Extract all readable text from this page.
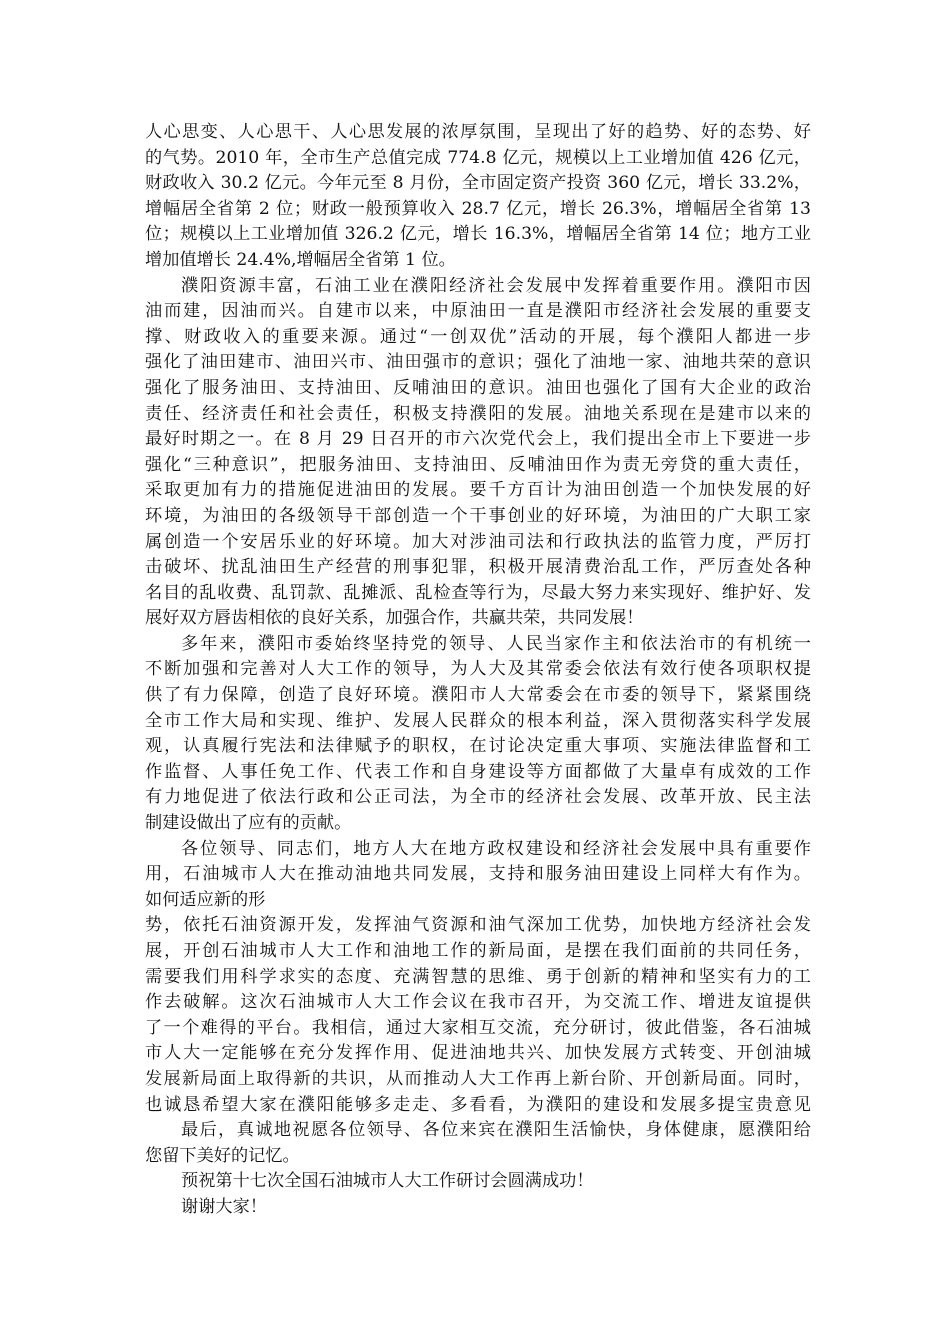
人心思变、人心思干、人心思发展的浓厚氛围，呈现出了好的趋势、好的态势、好
的气势。2010 年，全市生产总值完成 774.8 亿元，规模以上工业增加值 426 亿元，
财政收入 30.2 亿元。今年元至 8 月份，全市固定资产投资 360 亿元，增长 33.2%，
增幅居全省第 2 位；财政一般预算收入 28.7 亿元，增长 26.3%，增幅居全省第 13
位；规模以上工业增加值 326.2 亿元，增长 16.3%，增幅居全省第 14 位；地方工业
增加值增长 24.4%,增幅居全省第 1 位。
濮阳资源丰富，石油工业在濮阳经济社会发展中发挥着重要作用。濮阳市因
油而建，因油而兴。自建市以来，中原油田一直是濮阳市经济社会发展的重要支
撑、财政收入的重要来源。通过“一创双优”活动的开展，每个濮阳人都进一步
强化了油田建市、油田兴市、油田强市的意识；强化了油地一家、油地共荣的意识
强化了服务油田、支持油田、反哺油田的意识。油田也强化了国有大企业的政治
责任、经济责任和社会责任，积极支持濮阳的发展。油地关系现在是建市以来的
最好时期之一。在 8 月 29 日召开的市六次党代会上，我们提出全市上下要进一步
强化“三种意识”，把服务油田、支持油田、反哺油田作为责无旁贷的重大责任，
采取更加有力的措施促进油田的发展。要千方百计为油田创造一个加快发展的好
环境，为油田的各级领导干部创造一个干事创业的好环境，为油田的广大职工家
属创造一个安居乐业的好环境。加大对涉油司法和行政执法的监管力度，严厉打
击破坏、扰乱油田生产经营的刑事犯罪，积极开展清费治乱工作，严厉查处各种
名目的乱收费、乱罚款、乱摊派、乱检查等行为，尽最大努力来实现好、维护好、发
展好双方唇齿相依的良好关系，加强合作，共赢共荣，共同发展！
多年来，濮阳市委始终坚持党的领导、人民当家作主和依法治市的有机统一
不断加强和完善对人大工作的领导，为人大及其常委会依法有效行使各项职权提
供了有力保障，创造了良好环境。濮阳市人大常委会在市委的领导下，紧紧围绕
全市工作大局和实现、维护、发展人民群众的根本利益，深入贯彻落实科学发展
观，认真履行宪法和法律赋予的职权，在讨论决定重大事项、实施法律监督和工
作监督、人事任免工作、代表工作和自身建设等方面都做了大量卓有成效的工作
有力地促进了依法行政和公正司法，为全市的经济社会发展、改革开放、民主法
制建设做出了应有的贡献。
各位领导、同志们，地方人大在地方政权建设和经济社会发展中具有重要作
用，石油城市人大在推动油地共同发展，支持和服务油田建设上同样大有作为。
如何适应新的形
势，依托石油资源开发，发挥油气资源和油气深加工优势，加快地方经济社会发
展，开创石油城市人大工作和油地工作的新局面，是摆在我们面前的共同任务，
需要我们用科学求实的态度、充满智慧的思维、勇于创新的精神和坚实有力的工
作去破解。这次石油城市人大工作会议在我市召开，为交流工作、增进友谊提供
了一个难得的平台。我相信，通过大家相互交流，充分研讨，彼此借鉴，各石油城
市人大一定能够在充分发挥作用、促进油地共兴、加快发展方式转变、开创油城
发展新局面上取得新的共识，从而推动人大工作再上新台阶、开创新局面。同时，
也诚恳希望大家在濮阳能够多走走、多看看，为濮阳的建设和发展多提宝贵意见
最后，真诚地祝愿各位领导、各位来宾在濮阳生活愉快，身体健康，愿濮阳给
您留下美好的记忆。
预祝第十七次全国石油城市人大工作研讨会圆满成功！
谢谢大家！
